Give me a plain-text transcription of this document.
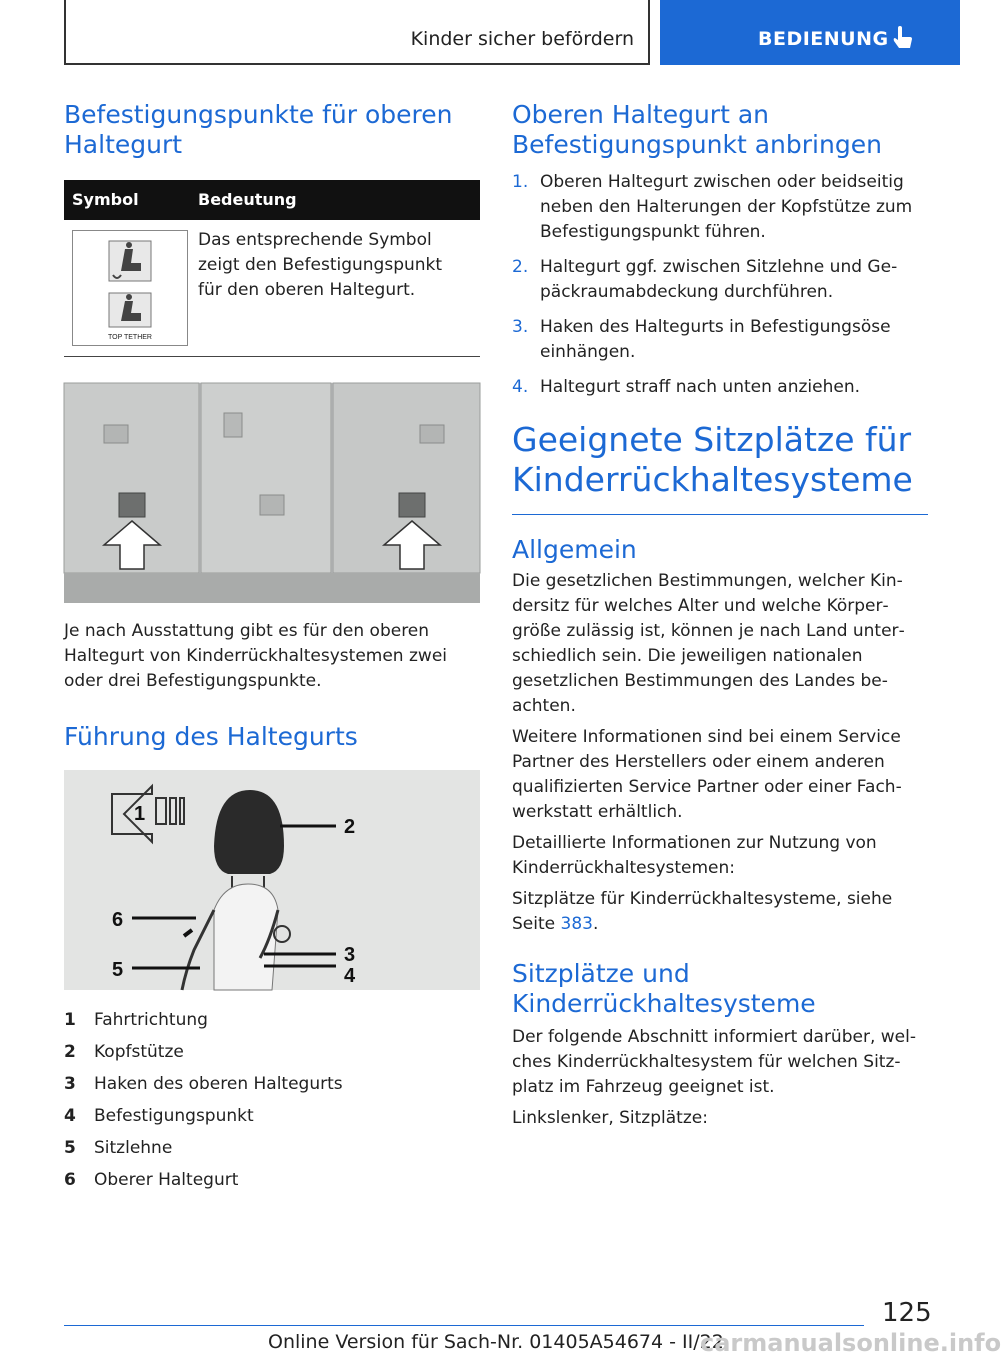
Kinder sicher befördern	BEDIENUNG
Befestigungspunkte für oberen Haltegurt
Symbol	Bedeutung
TOP TETHER

Das entsprechende Symbol zeigt den Befestigungspunkt für den oberen Haltegurt.

Je nach Ausstattung gibt es für den oberen Haltegurt von Kinderrückhaltesystemen zwei oder drei Befestigungspunkte.

Führung des Haltegurts
1
2
3
4
6
5
1	Fahrtrichtung
2	Kopfstütze
3	Haken des oberen Haltegurts
4	Befestigungspunkt
5	Sitzlehne
6	Oberer Haltegurt
Oberen Haltegurt an Befestigungspunkt anbringen
1. Oberen Haltegurt zwischen oder beidseitig neben den Halterungen der Kopfstütze zum Befestigungspunkt führen.
2. Haltegurt ggf. zwischen Sitzlehne und Gepäckraumabdeckung durchführen.
3. Haken des Haltegurts in Befestigungsöse einhängen.
4. Haltegurt straff nach unten anziehen.
Geeignete Sitzplätze für Kinderrückhaltesysteme
Allgemein

Die gesetzlichen Bestimmungen, welcher Kindersitz für welches Alter und welche Körpergröße zulässig ist, können je nach Land unterschiedlich sein. Die jeweiligen nationalen gesetzlichen Bestimmungen des Landes beachten.

Weitere Informationen sind bei einem Service Partner des Herstellers oder einem anderen qualifizierten Service Partner oder einer Fachwerkstatt erhältlich.

Detaillierte Informationen zur Nutzung von Kinderrückhaltesystemen:

Sitzplätze für Kinderrückhaltesysteme, siehe Seite 383.

Sitzplätze und Kinderrückhaltesysteme

Der folgende Abschnitt informiert darüber, welches Kinderrückhaltesystem für welchen Sitzplatz im Fahrzeug geeignet ist.

Linkslenker, Sitzplätze:

125
Online Version für Sach-Nr. 01405A54674 - II/22
carmanualsonline.info
